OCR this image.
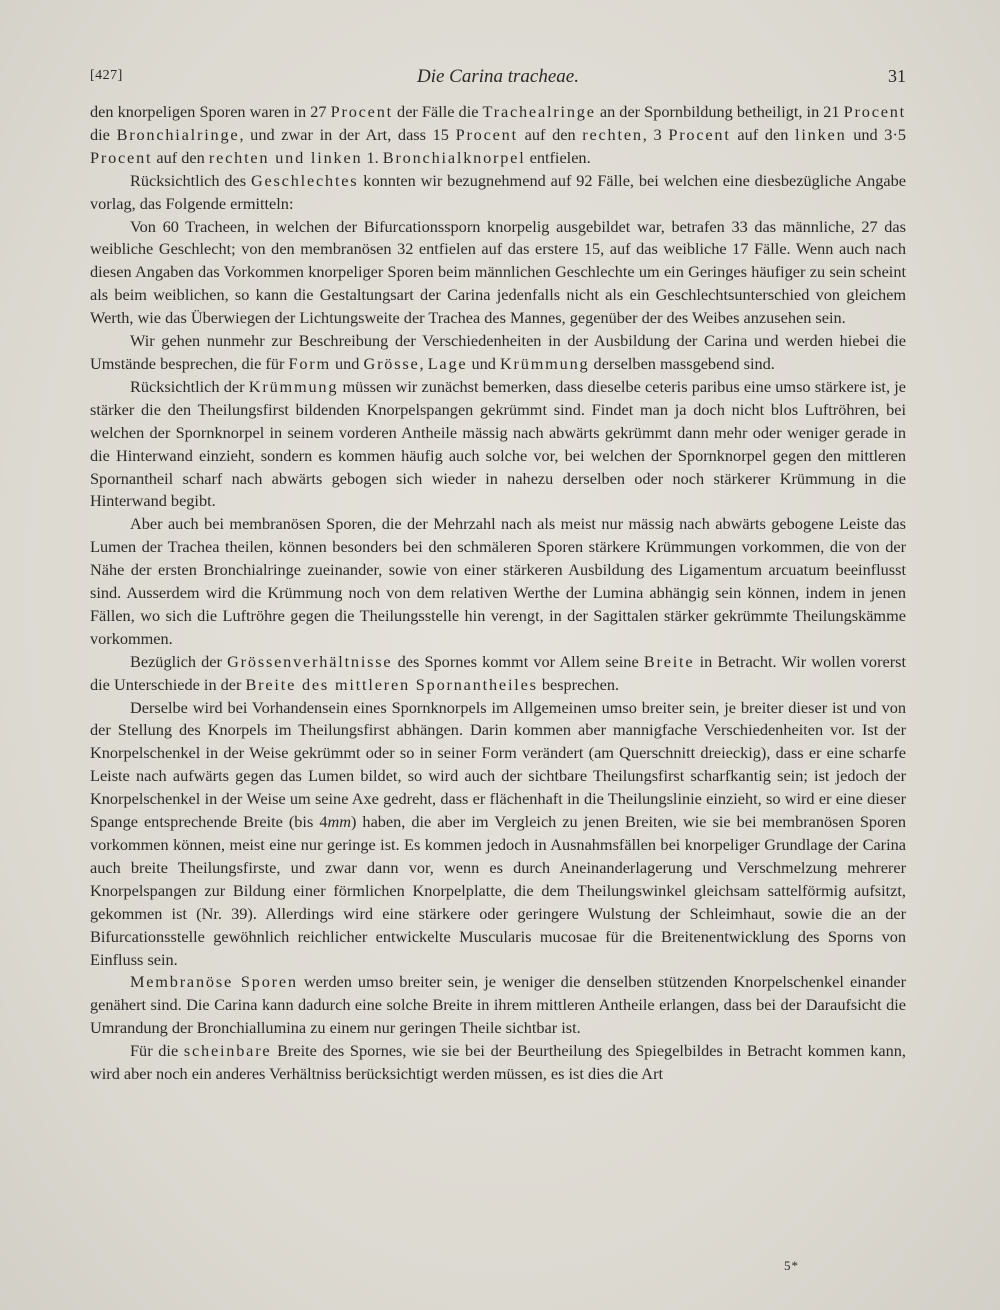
[427]	Die Carina tracheae.	31

den knorpeligen Sporen waren in 27 Procent der Fälle die Trachealringe an der Spornbildung betheiligt, in 21 Procent die Bronchialringe, und zwar in der Art, dass 15 Procent auf den rechten, 3 Procent auf den linken und 3·5 Procent auf den rechten und linken 1. Bronchialknorpel entfielen.

Rücksichtlich des Geschlechtes konnten wir bezugnehmend auf 92 Fälle, bei welchen eine diesbezügliche Angabe vorlag, das Folgende ermitteln:

Von 60 Tracheen, in welchen der Bifurcationssporn knorpelig ausgebildet war, betrafen 33 das männliche, 27 das weibliche Geschlecht; von den membranösen 32 entfielen auf das erstere 15, auf das weibliche 17 Fälle. Wenn auch nach diesen Angaben das Vorkommen knorpeliger Sporen beim männlichen Geschlechte um ein Geringes häufiger zu sein scheint als beim weiblichen, so kann die Gestaltungsart der Carina jedenfalls nicht als ein Geschlechtsunterschied von gleichem Werth, wie das Überwiegen der Lichtungsweite der Trachea des Mannes, gegenüber der des Weibes anzusehen sein.

Wir gehen nunmehr zur Beschreibung der Verschiedenheiten in der Ausbildung der Carina und werden hiebei die Umstände besprechen, die für Form und Grösse, Lage und Krümmung derselben massgebend sind.

Rücksichtlich der Krümmung müssen wir zunächst bemerken, dass dieselbe ceteris paribus eine umso stärkere ist, je stärker die den Theilungsfirst bildenden Knorpelspangen gekrümmt sind. Findet man ja doch nicht blos Luftröhren, bei welchen der Spornknorpel in seinem vorderen Antheile mässig nach abwärts gekrümmt dann mehr oder weniger gerade in die Hinterwand einzieht, sondern es kommen häufig auch solche vor, bei welchen der Spornknorpel gegen den mittleren Spornantheil scharf nach abwärts gebogen sich wieder in nahezu derselben oder noch stärkerer Krümmung in die Hinterwand begibt.

Aber auch bei membranösen Sporen, die der Mehrzahl nach als meist nur mässig nach abwärts gebogene Leiste das Lumen der Trachea theilen, können besonders bei den schmäleren Sporen stärkere Krümmungen vorkommen, die von der Nähe der ersten Bronchialringe zueinander, sowie von einer stärkeren Ausbildung des Ligamentum arcuatum beeinflusst sind. Ausserdem wird die Krümmung noch von dem relativen Werthe der Lumina abhängig sein können, indem in jenen Fällen, wo sich die Luftröhre gegen die Theilungsstelle hin verengt, in der Sagittalen stärker gekrümmte Theilungskämme vorkommen.

Bezüglich der Grössenverhältnisse des Spornes kommt vor Allem seine Breite in Betracht. Wir wollen vorerst die Unterschiede in der Breite des mittleren Spornantheiles besprechen.

Derselbe wird bei Vorhandensein eines Spornknorpels im Allgemeinen umso breiter sein, je breiter dieser ist und von der Stellung des Knorpels im Theilungsfirst abhängen. Darin kommen aber mannigfache Verschiedenheiten vor. Ist der Knorpelschenkel in der Weise gekrümmt oder so in seiner Form verändert (am Querschnitt dreieckig), dass er eine scharfe Leiste nach aufwärts gegen das Lumen bildet, so wird auch der sichtbare Theilungsfirst scharfkantig sein; ist jedoch der Knorpelschenkel in der Weise um seine Axe gedreht, dass er flächenhaft in die Theilungslinie einzieht, so wird er eine dieser Spange entsprechende Breite (bis 4mm) haben, die aber im Vergleich zu jenen Breiten, wie sie bei membranösen Sporen vorkommen können, meist eine nur geringe ist. Es kommen jedoch in Ausnahmsfällen bei knorpeliger Grundlage der Carina auch breite Theilungsfirste, und zwar dann vor, wenn es durch Aneinanderlagerung und Verschmelzung mehrerer Knorpelspangen zur Bildung einer förmlichen Knorpelplatte, die dem Theilungswinkel gleichsam sattelförmig aufsitzt, gekommen ist (Nr. 39). Allerdings wird eine stärkere oder geringere Wulstung der Schleimhaut, sowie die an der Bifurcationsstelle gewöhnlich reichlicher entwickelte Muscularis mucosae für die Breitenentwicklung des Sporns von Einfluss sein.

Membranöse Sporen werden umso breiter sein, je weniger die denselben stützenden Knorpelschenkel einander genähert sind. Die Carina kann dadurch eine solche Breite in ihrem mittleren Antheile erlangen, dass bei der Daraufsicht die Umrandung der Bronchiallumina zu einem nur geringen Theile sichtbar ist.

Für die scheinbare Breite des Spornes, wie sie bei der Beurtheilung des Spiegelbildes in Betracht kommen kann, wird aber noch ein anderes Verhältniss berücksichtigt werden müssen, es ist dies die Art

5*
